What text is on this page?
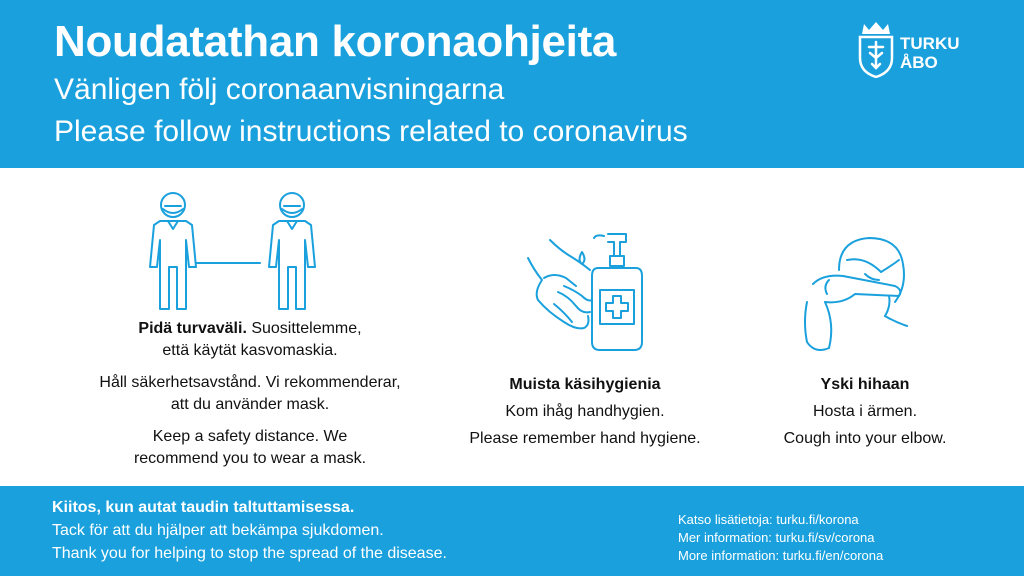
Noudatathan koronaohjeita
Vänligen följ coronaanvisningarna
Please follow instructions related to coronavirus
TURKU
ÅBO

Pidä turvaväli. Suosittelemme,

että käytät kasvomaskia.

Håll säkerhetsavstånd. Vi rekommenderar, att du använder mask.

Keep a safety distance. We recommend you to wear a mask.

Muista käsihygienia

Kom ihåg handhygien.

Please remember hand hygiene.

Yski hihaan

Hosta i ärmen.

Cough into your elbow.

Kiitos, kun autat taudin taltuttamisessa.

Tack för att du hjälper att bekämpa sjukdomen.

Thank you for helping to stop the spread of the disease.

Katso lisätietoja: turku.fi/korona

Mer information: turku.fi/sv/corona

More information: turku.fi/en/corona
